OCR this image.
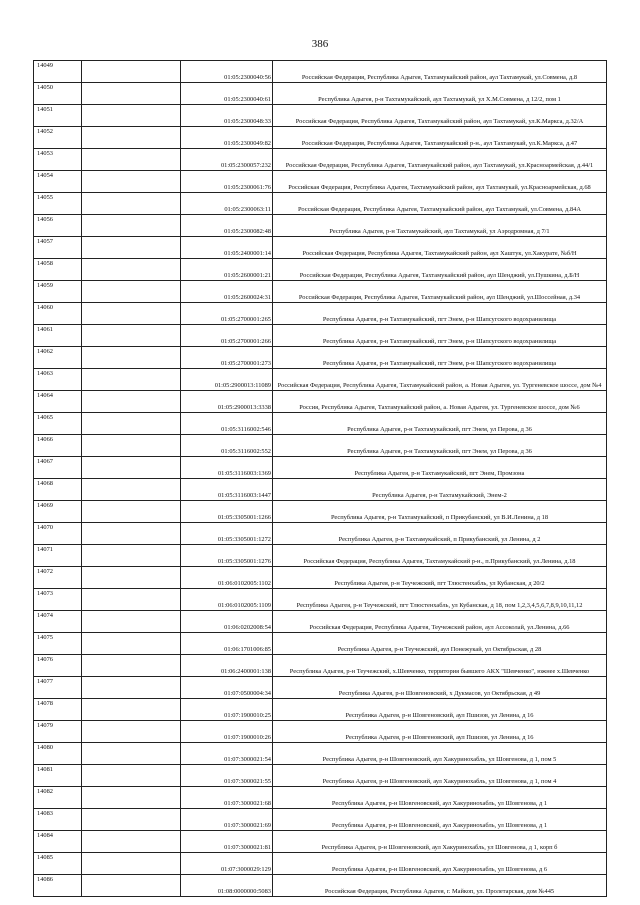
386
14049		01:05:2300040:56	Российская Федерация, Республика Адыгея, Тахтамукайский район, аул Тахтамукай, ул.Совмена, д.8
14050		01:05:2300040:61	Республика Адыгея, р-н Тахтамукайский, аул Тахтамукай, ул Х.М.Совмена, д 12/2, пом 1
14051		01:05:2300048:33	Российская Федерация, Республика Адыгея, Тахтамукайский район, аул Тахтамукай, ул.К.Маркса, д.32/А
14052		01:05:2300049:82	Российская Федерация, Республика Адыгея, Тахтамукайский р-н., аул Тахтамукай, ул.К.Маркса, д.47
14053		01:05:2300057:232	Российская Федерация, Республика Адыгея, Тахтамукайский район, аул Тахтамукай, ул.Красноармейская, д.44/1
14054		01:05:2300061:76	Российская Федерация, Республика Адыгея, Тахтамукайский район, аул Тахтамукай, ул.Красноармейская, д.68
14055		01:05:2300063:11	Российская Федерация, Республика Адыгея, Тахтамукайский район, аул Тахтамукай, ул.Совмена, д.84А
14056		01:05:2300082:48	Республика Адыгея, р-н Тахтамукайский, аул Тахтамукай, ул Аэродромная, д 7/1
14057		01:05:2400001:14	Российская Федерация, Республика Адыгея, Тахтамукайский район, аул Хаштук, ул.Хакурате, №б/Н
14058		01:05:2600001:21	Российская Федерация, Республика Адыгея, Тахтамукайский район, аул Шенджий, ул.Пушкина, д.Б/Н
14059		01:05:2600024:31	Российская Федерация, Республика Адыгея, Тахтамукайский район, аул Шенджий, ул.Шоссейная, д.34
14060		01:05:2700001:265	Республика Адыгея, р-н Тахтамукайский, пгт Энем, р-н Шапсугского водохранилища
14061		01:05:2700001:266	Республика Адыгея, р-н Тахтамукайский, пгт Энем, р-н Шапсугского водохранилища
14062		01:05:2700001:273	Республика Адыгея, р-н Тахтамукайский, пгт Энем, р-н Шапсугского водохранилища
14063		01:05:2900013:11089	Российская Федерация, Республика Адыгея, Тахтамукайский район, а. Новая Адыгея, ул. Тургеневское шоссе, дом №4
14064		01:05:2900013:3338	Россия, Республика Адыгея, Тахтамукайский район, а. Новая Адыгея, ул. Тургеневское шоссе, дом №6
14065		01:05:3116002:546	Республика Адыгея, р-н Тахтамукайский, пгт Энем, ул Перова, д 36
14066		01:05:3116002:552	Республика Адыгея, р-н Тахтамукайский, пгт Энем, ул Перова, д 36
14067		01:05:3116003:1369	Республика Адыгея, р-н Тахтамукайский, пгт Энем, Промзона
14068		01:05:3116003:1447	Республика Адыгея, р-н Тахтамукайский, Энем-2
14069		01:05:3305001:1266	Республика Адыгея, р-н Тахтамукайский, п Прикубанский, ул В.И.Ленина, д 18
14070		01:05:3305001:1272	Республика Адыгея, р-н Тахтамукайский, п Прикубанский, ул Ленина, д 2
14071		01:05:3305001:1276	Российская Федерация, Республика Адыгея, Тахтамукайский р-н., п.Прикубанский, ул.Ленина, д.18
14072		01:06:0102005:1102	Республика Адыгея, р-н Теучежский, пгт Тлюстенхабль, ул Кубанская, д 20/2
14073		01:06:0102005:1109	Республика Адыгея, р-н Теучежский, пгт Тлюстенхабль, ул Кубанская, д 18, пом 1,2,3,4,5,6,7,8,9,10,11,12
14074		01:06:0202008:54	Российская Федерация, Республика Адыгея, Теучежский район, аул Ассоколай, ул.Ленина, д.66
14075		01:06:1701006:85	Республика Адыгея, р-н Теучежский, аул Понежукай, ул Октябрьская, д 28
14076		01:06:2400001:138	Республика Адыгея, р-н Теучежский, х.Шевченко, территория бывшего АКХ "Шевченко", южнее х.Шевченко
14077		01:07:0500004:34	Республика Адыгея, р-н Шовгеновский, х Дукмасов, ул Октябрьская, д 49
14078		01:07:1900010:25	Республика Адыгея, р-н Шовгеновский, аул Пшизов, ул Ленина, д 16
14079		01:07:1900010:26	Республика Адыгея, р-н Шовгеновский, аул Пшизов, ул Ленина, д 16
14080		01:07:3000021:54	Республика Адыгея, р-н Шовгеновский, аул Хакуринохабль, ул Шовгенова, д 1, пом 5
14081		01:07:3000021:55	Республика Адыгея, р-н Шовгеновский, аул Хакуринохабль, ул Шовгенова, д 1, пом 4
14082		01:07:3000021:68	Республика Адыгея, р-н Шовгеновский, аул Хакуринохабль, ул Шовгенова, д 1
14083		01:07:3000021:69	Республика Адыгея, р-н Шовгеновский, аул Хакуринохабль, ул Шовгенова, д 1
14084		01:07:3000021:81	Республика Адыгея, р-н Шовгеновский, аул Хакуринохабль, ул Шовгенова, д 1, корп б
14085		01:07:3000029:129	Республика Адыгея, р-н Шовгеновский, аул Хакуринохабль, ул Шовгенова, д 6
14086		01:08:0000000:5083	Российская Федерация, Республика Адыгея, г. Майкоп, ул. Пролетарская, дом №445
